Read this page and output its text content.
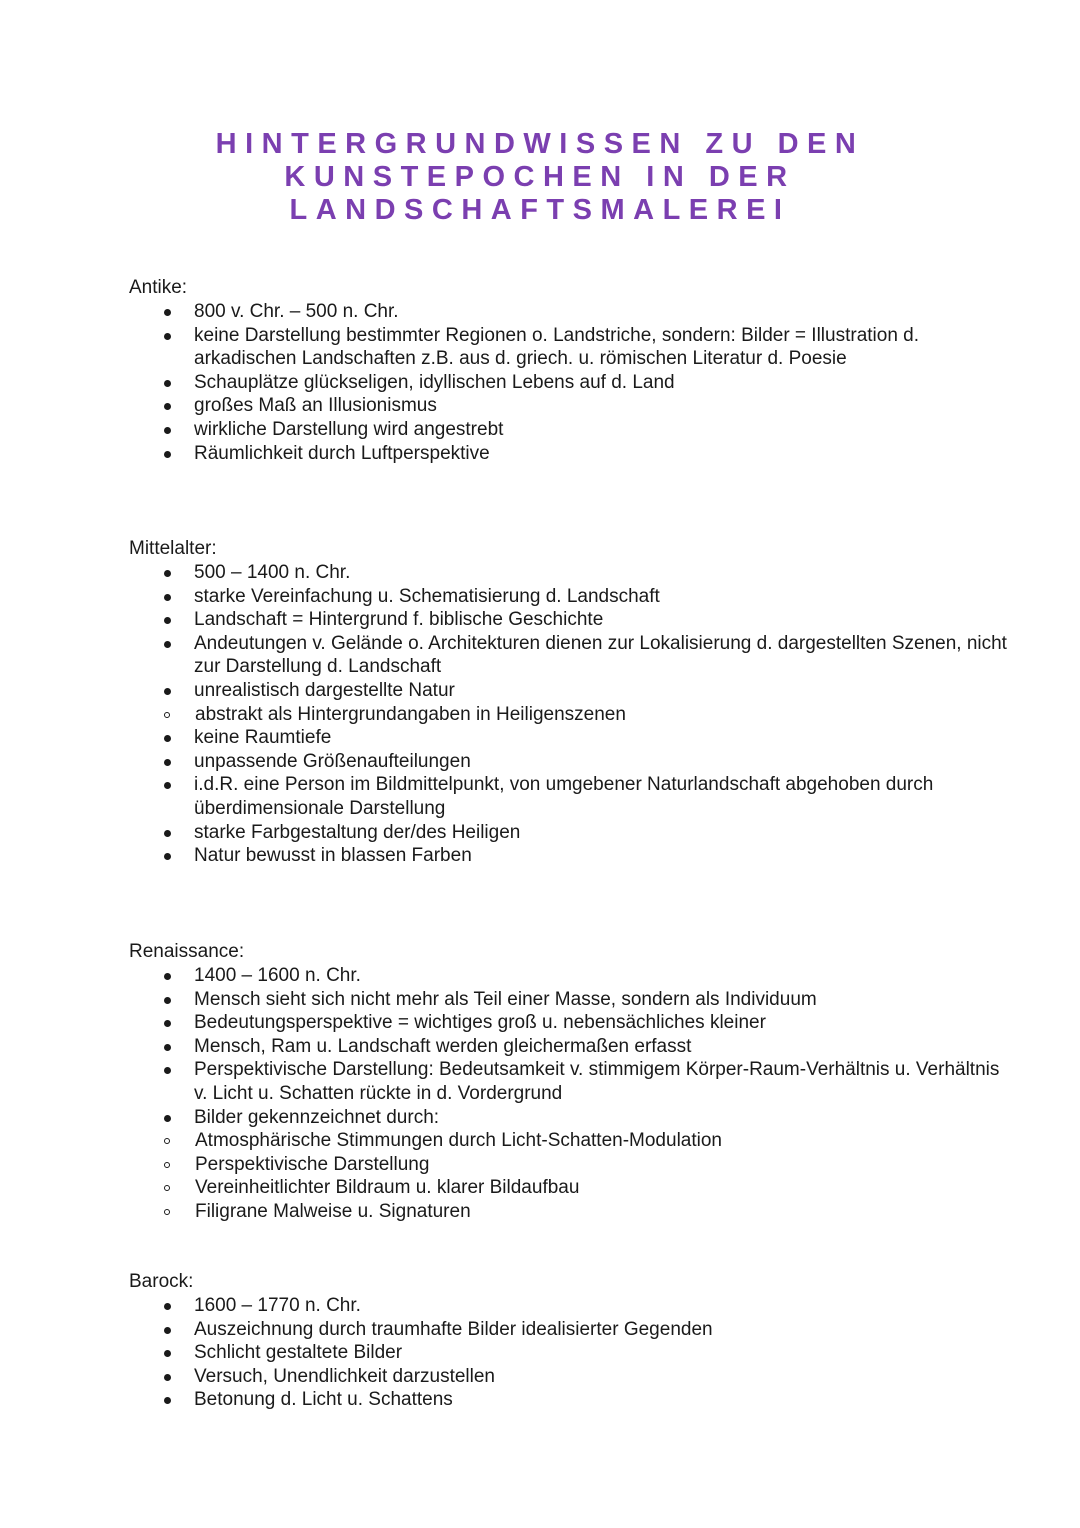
HINTERGRUNDWISSEN ZU DEN
KUNSTEPOCHEN IN DER
LANDSCHAFTSMALEREI

Antike:

800 v. Chr. – 500 n. Chr.
keine Darstellung bestimmter Regionen o. Landstriche, sondern: Bilder = Illustration d. arkadischen Landschaften z.B. aus d. griech. u. römischen Literatur d. Poesie
Schauplätze glückseligen, idyllischen Lebens auf d. Land
großes Maß an Illusionismus
wirkliche Darstellung wird angestrebt
Räumlichkeit durch Luftperspektive

Mittelalter:

500 – 1400 n. Chr.
starke Vereinfachung u. Schematisierung d. Landschaft
Landschaft = Hintergrund f. biblische Geschichte
Andeutungen v. Gelände o. Architekturen dienen zur Lokalisierung d. dargestellten Szenen, nicht zur Darstellung d. Landschaft
unrealistisch dargestellte Natur
abstrakt als Hintergrundangaben in Heiligenszenen
keine Raumtiefe
unpassende Größenaufteilungen
i.d.R. eine Person im Bildmittelpunkt, von umgebener Naturlandschaft abgehoben durch überdimensionale Darstellung
starke Farbgestaltung der/des Heiligen
Natur bewusst in blassen Farben

Renaissance:

1400 – 1600 n. Chr.
Mensch sieht sich nicht mehr als Teil einer Masse, sondern als Individuum
Bedeutungsperspektive = wichtiges groß u. nebensächliches kleiner
Mensch, Ram u. Landschaft werden gleichermaßen erfasst
Perspektivische Darstellung: Bedeutsamkeit v. stimmigem Körper-Raum-Verhältnis u. Verhältnis v. Licht u. Schatten rückte in d. Vordergrund
Bilder gekennzeichnet durch:
Atmosphärische Stimmungen durch Licht-Schatten-Modulation
Perspektivische Darstellung
Vereinheitlichter Bildraum u. klarer Bildaufbau
Filigrane Malweise u. Signaturen

Barock:

1600 – 1770 n. Chr.
Auszeichnung durch traumhafte Bilder idealisierter Gegenden
Schlicht gestaltete Bilder
Versuch, Unendlichkeit darzustellen
Betonung d. Licht u. Schattens
